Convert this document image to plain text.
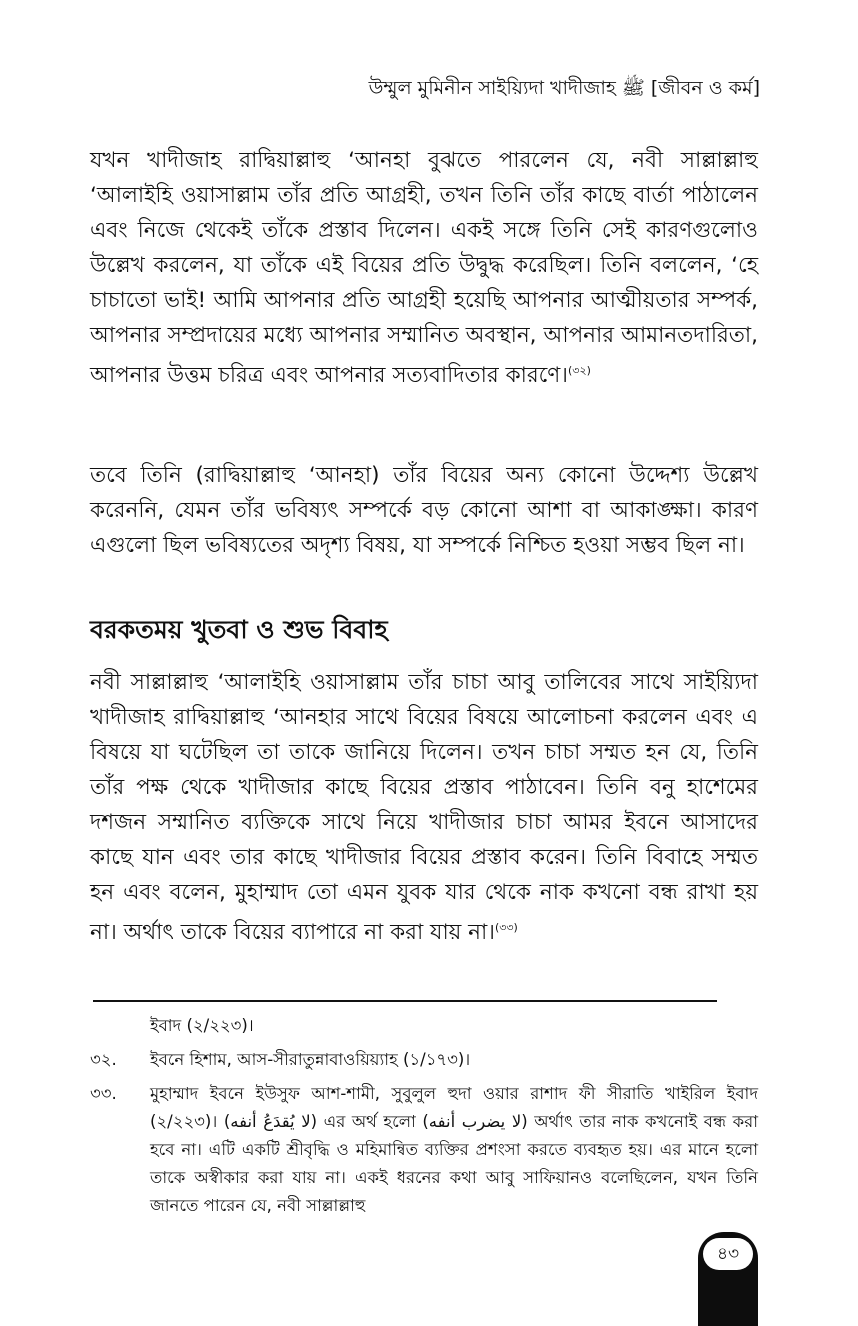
উম্মুল মুমিনীন সাইয়্যিদা খাদীজাহ ﷺ [জীবন ও কর্ম]
যখন খাদীজাহ রাদ্বিয়াল্লাহু ‘আনহা বুঝতে পারলেন যে, নবী সাল্লাল্লাহু ‘আলাইহি ওয়াসাল্লাম তাঁর প্রতি আগ্রহী, তখন তিনি তাঁর কাছে বার্তা পাঠালেন এবং নিজে থেকেই তাঁকে প্রস্তাব দিলেন। একই সঙ্গে তিনি সেই কারণগুলোও উল্লেখ করলেন, যা তাঁকে এই বিয়ের প্রতি উদ্বুদ্ধ করেছিল। তিনি বললেন, ‘হে চাচাতো ভাই! আমি আপনার প্রতি আগ্রহী হয়েছি আপনার আত্মীয়তার সম্পর্ক, আপনার সম্প্রদায়ের মধ্যে আপনার সম্মানিত অবস্থান, আপনার আমানতদারিতা, আপনার উত্তম চরিত্র এবং আপনার সত্যবাদিতার কারণে।$^{(৩২)}$
তবে তিনি (রাদ্বিয়াল্লাহু ‘আনহা) তাঁর বিয়ের অন্য কোনো উদ্দেশ্য উল্লেখ করেননি, যেমন তাঁর ভবিষ্যৎ সম্পর্কে বড় কোনো আশা বা আকাঙ্ক্ষা। কারণ এগুলো ছিল ভবিষ্যতের অদৃশ্য বিষয়, যা সম্পর্কে নিশ্চিত হওয়া সম্ভব ছিল না।
বরকতময় খুতবা ও শুভ বিবাহ
নবী সাল্লাল্লাহু ‘আলাইহি ওয়াসাল্লাম তাঁর চাচা আবু তালিবের সাথে সাইয়্যিদা খাদীজাহ রাদ্বিয়াল্লাহু ‘আনহার সাথে বিয়ের বিষয়ে আলোচনা করলেন এবং এ বিষয়ে যা ঘটেছিল তা তাকে জানিয়ে দিলেন। তখন চাচা সম্মত হন যে, তিনি তাঁর পক্ষ থেকে খাদীজার কাছে বিয়ের প্রস্তাব পাঠাবেন। তিনি বনু হাশেমের দশজন সম্মানিত ব্যক্তিকে সাথে নিয়ে খাদীজার চাচা আমর ইবনে আসাদের কাছে যান এবং তার কাছে খাদীজার বিয়ের প্রস্তাব করেন। তিনি বিবাহে সম্মত হন এবং বলেন, মুহাম্মাদ তো এমন যুবক যার থেকে নাক কখনো বন্ধ রাখা হয় না। অর্থাৎ তাকে বিয়ের ব্যাপারে না করা যায় না।$^{(৩৩)}$
ইবাদ (২/২২৩)।
৩২. ইবনে হিশাম, আস-সীরাতুন্নাবাওয়িয়্যাহ (১/১৭৩)।
৩৩. মুহাম্মাদ ইবনে ইউসুফ আশ-শামী, সুবুলুল হুদা ওয়ার রাশাদ ফী সীরাতি খাইরিল ইবাদ (২/২২৩)। (لا يُقدَعُ أنفه) এর অর্থ হলো (لا يضرب أنفه) অর্থাৎ তার নাক কখনোই বন্ধ করা হবে না। এটি একটি শ্রীবৃদ্ধি ও মহিমান্বিত ব্যক্তির প্রশংসা করতে ব্যবহৃত হয়। এর মানে হলো তাকে অস্বীকার করা যায় না। একই ধরনের কথা আবু সাফিয়ানও বলেছিলেন, যখন তিনি জানতে পারেন যে, নবী সাল্লাল্লাহু
৪৩
